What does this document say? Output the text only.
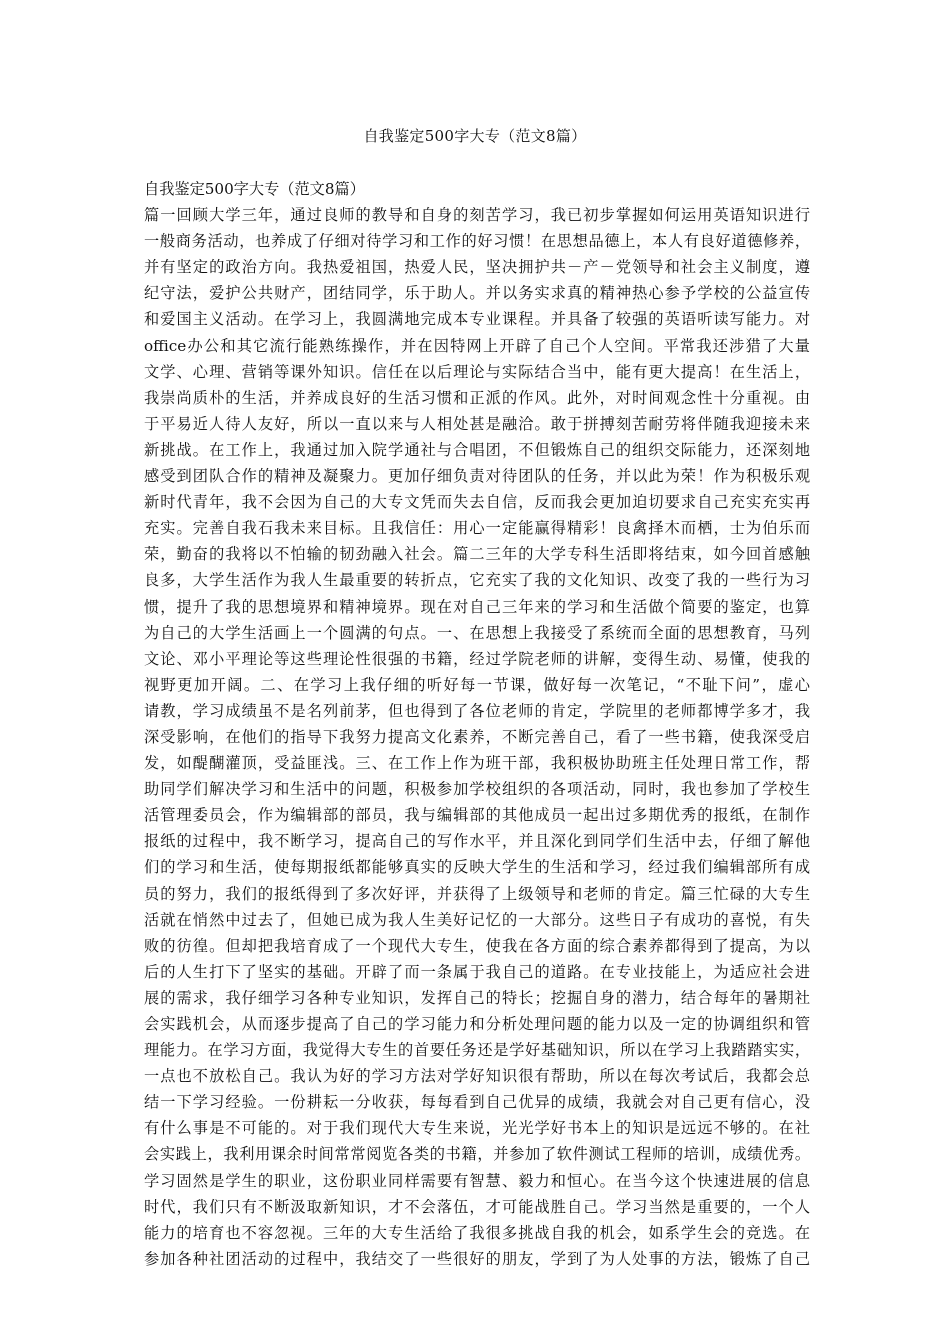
自我鉴定500字大专（范文8篇）
自我鉴定500字大专（范文8篇）
篇一回顾大学三年，通过良师的教导和自身的刻苦学习，我已初步掌握如何运用英语知识进行
一般商务活动，也养成了仔细对待学习和工作的好习惯！在思想品德上，本人有良好道德修养，
并有坚定的政治方向。我热爱祖国，热爱人民，坚决拥护共－产－党领导和社会主义制度，遵
纪守法，爱护公共财产，团结同学，乐于助人。并以务实求真的精神热心参予学校的公益宣传
和爱国主义活动。在学习上，我圆满地完成本专业课程。并具备了较强的英语听读写能力。对
office办公和其它流行能熟练操作，并在因特网上开辟了自己个人空间。平常我还涉猎了大量
文学、心理、营销等课外知识。信任在以后理论与实际结合当中，能有更大提高！在生活上，
我崇尚质朴的生活，并养成良好的生活习惯和正派的作风。此外，对时间观念性十分重视。由
于平易近人待人友好，所以一直以来与人相处甚是融洽。敢于拼搏刻苦耐劳将伴随我迎接未来
新挑战。在工作上，我通过加入院学通社与合唱团，不但锻炼自己的组织交际能力，还深刻地
感受到团队合作的精神及凝聚力。更加仔细负责对待团队的任务，并以此为荣！作为积极乐观
新时代青年，我不会因为自己的大专文凭而失去自信，反而我会更加迫切要求自己充实充实再
充实。完善自我石我未来目标。且我信任：用心一定能赢得精彩！良禽择木而栖，士为伯乐而
荣，勤奋的我将以不怕输的韧劲融入社会。篇二三年的大学专科生活即将结束，如今回首感触
良多，大学生活作为我人生最重要的转折点，它充实了我的文化知识、改变了我的一些行为习
惯，提升了我的思想境界和精神境界。现在对自己三年来的学习和生活做个简要的鉴定，也算
为自己的大学生活画上一个圆满的句点。一、在思想上我接受了系统而全面的思想教育，马列
文论、邓小平理论等这些理论性很强的书籍，经过学院老师的讲解，变得生动、易懂，使我的
视野更加开阔。二、在学习上我仔细的听好每一节课，做好每一次笔记，“不耻下问”，虚心
请教，学习成绩虽不是名列前茅，但也得到了各位老师的肯定，学院里的老师都博学多才，我
深受影响，在他们的指导下我努力提高文化素养，不断完善自己，看了一些书籍，使我深受启
发，如醍醐灌顶，受益匪浅。三、在工作上作为班干部，我积极协助班主任处理日常工作，帮
助同学们解决学习和生活中的问题，积极参加学校组织的各项活动，同时，我也参加了学校生
活管理委员会，作为编辑部的部员，我与编辑部的其他成员一起出过多期优秀的报纸，在制作
报纸的过程中，我不断学习，提高自己的写作水平，并且深化到同学们生活中去，仔细了解他
们的学习和生活，使每期报纸都能够真实的反映大学生的生活和学习，经过我们编辑部所有成
员的努力，我们的报纸得到了多次好评，并获得了上级领导和老师的肯定。篇三忙碌的大专生
活就在悄然中过去了，但她已成为我人生美好记忆的一大部分。这些日子有成功的喜悦，有失
败的彷徨。但却把我培育成了一个现代大专生，使我在各方面的综合素养都得到了提高，为以
后的人生打下了坚实的基础。开辟了而一条属于我自己的道路。在专业技能上，为适应社会进
展的需求，我仔细学习各种专业知识，发挥自己的特长；挖掘自身的潜力，结合每年的暑期社
会实践机会，从而逐步提高了自己的学习能力和分析处理问题的能力以及一定的协调组织和管
理能力。在学习方面，我觉得大专生的首要任务还是学好基础知识，所以在学习上我踏踏实实，
一点也不放松自己。我认为好的学习方法对学好知识很有帮助，所以在每次考试后，我都会总
结一下学习经验。一份耕耘一分收获，每每看到自己优异的成绩，我就会对自己更有信心，没
有什么事是不可能的。对于我们现代大专生来说，光光学好书本上的知识是远远不够的。在社
会实践上，我利用课余时间常常阅览各类的书籍，并参加了软件测试工程师的培训，成绩优秀。
学习固然是学生的职业，这份职业同样需要有智慧、毅力和恒心。在当今这个快速进展的信息
时代，我们只有不断汲取新知识，才不会落伍，才可能战胜自己。学习当然是重要的，一个人
能力的培育也不容忽视。三年的大专生活给了我很多挑战自我的机会，如系学生会的竞选。在
参加各种社团活动的过程中，我结交了一些很好的朋友，学到了为人处事的方法，锻炼了自己
